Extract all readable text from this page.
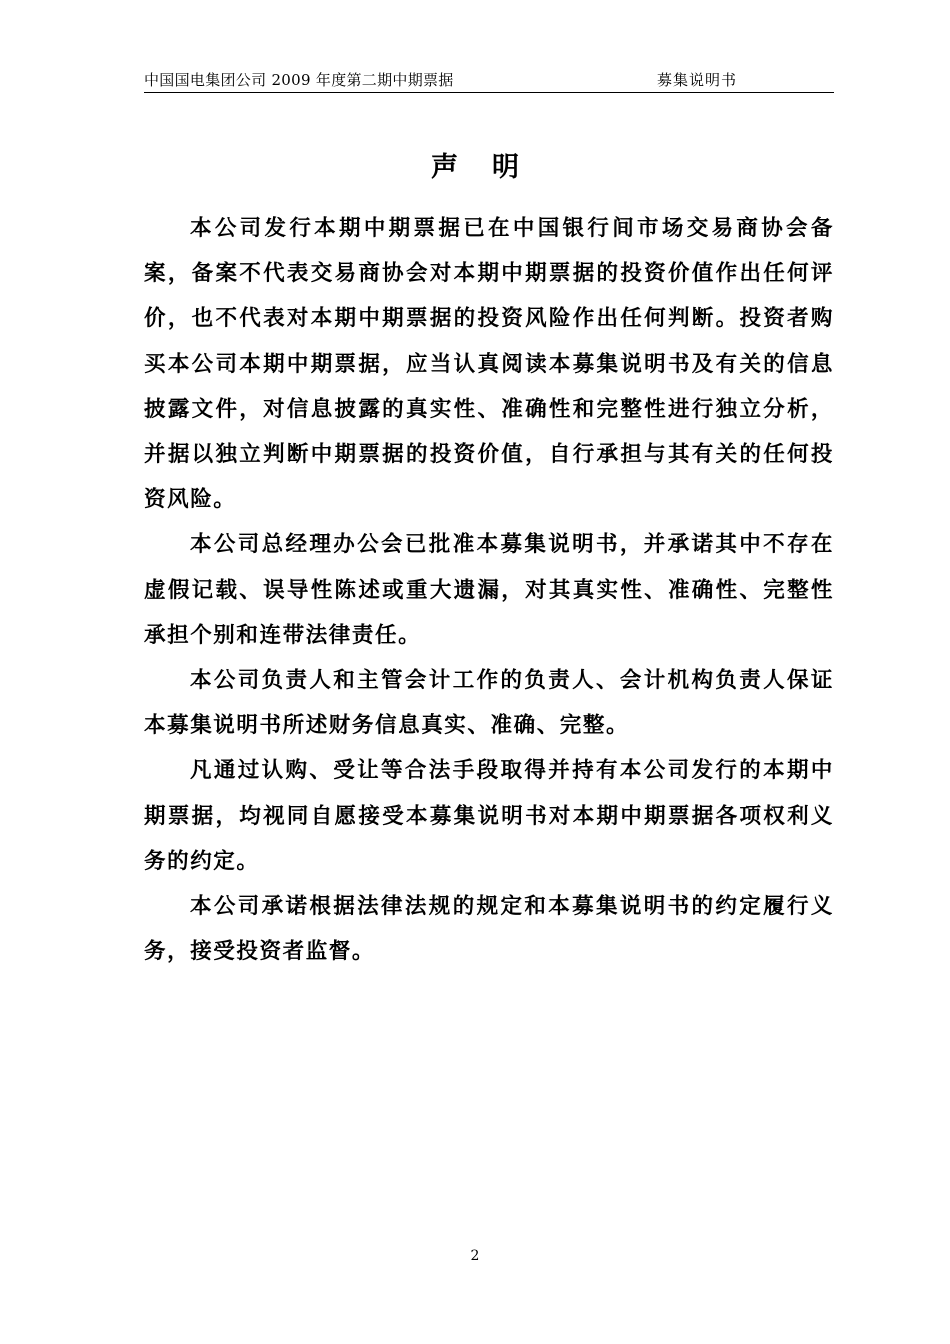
中国国电集团公司 2009 年度第二期中期票据	募集说明书
声明

本公司发行本期中期票据已在中国银行间市场交易商协会备案，备案不代表交易商协会对本期中期票据的投资价值作出任何评价，也不代表对本期中期票据的投资风险作出任何判断。投资者购买本公司本期中期票据，应当认真阅读本募集说明书及有关的信息披露文件，对信息披露的真实性、准确性和完整性进行独立分析，并据以独立判断中期票据的投资价值，自行承担与其有关的任何投资风险。

本公司总经理办公会已批准本募集说明书，并承诺其中不存在虚假记载、误导性陈述或重大遗漏，对其真实性、准确性、完整性承担个别和连带法律责任。

本公司负责人和主管会计工作的负责人、会计机构负责人保证本募集说明书所述财务信息真实、准确、完整。

凡通过认购、受让等合法手段取得并持有本公司发行的本期中期票据，均视同自愿接受本募集说明书对本期中期票据各项权利义务的约定。

本公司承诺根据法律法规的规定和本募集说明书的约定履行义务，接受投资者监督。

2
